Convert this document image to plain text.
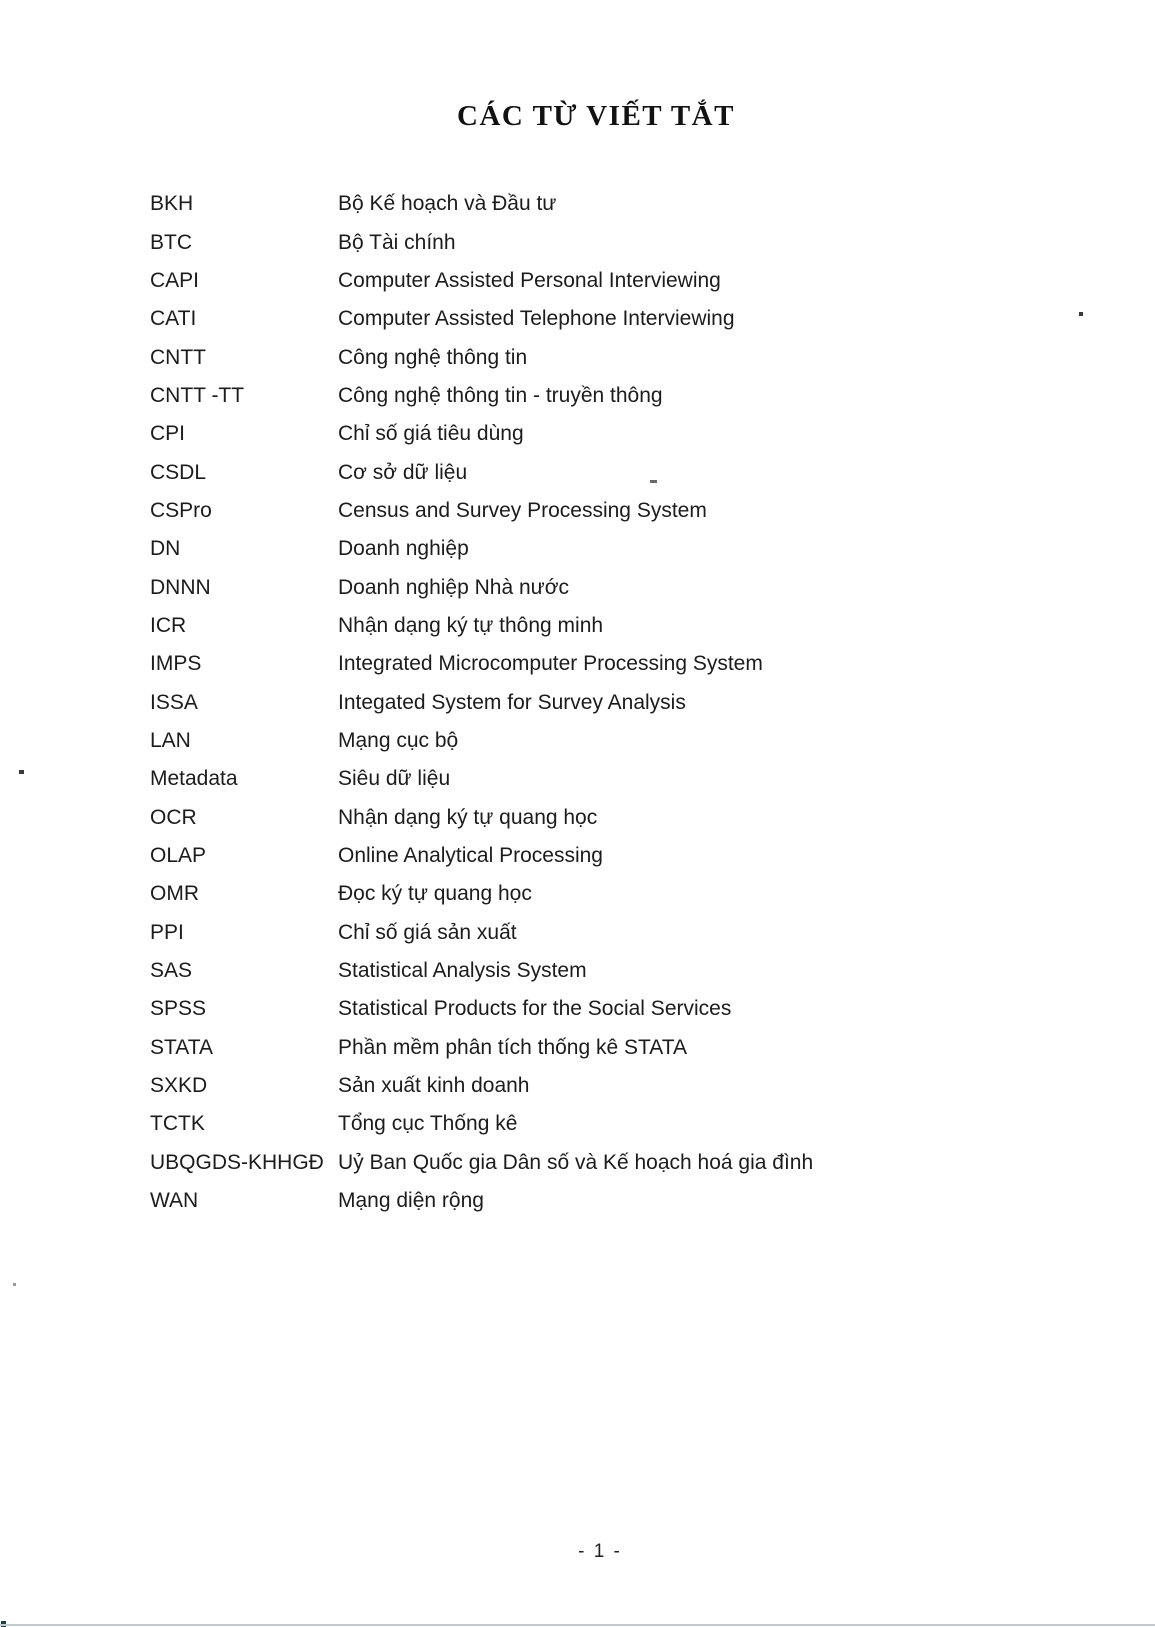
CÁC TỪ VIẾT TẮT
BKH	Bộ Kế hoạch và Đầu tư
BTC	Bộ Tài chính
CAPI	Computer Assisted Personal Interviewing
CATI	Computer Assisted Telephone Interviewing
CNTT	Công nghệ thông tin
CNTT -TT	Công nghệ thông tin - truyền thông
CPI	Chỉ số giá tiêu dùng
CSDL	Cơ sở dữ liệu
CSPro	Census and Survey Processing System
DN	Doanh nghiệp
DNNN	Doanh nghiệp Nhà nước
ICR	Nhận dạng ký tự thông minh
IMPS	Integrated Microcomputer Processing System
ISSA	Integated System for Survey Analysis
LAN	Mạng cục bộ
Metadata	Siêu dữ liệu
OCR	Nhận dạng ký tự quang học
OLAP	Online Analytical Processing
OMR	Đọc ký tự quang học
PPI	Chỉ số giá sản xuất
SAS	Statistical Analysis System
SPSS	Statistical Products for the Social Services
STATA	Phần mềm phân tích thống kê STATA
SXKD	Sản xuất kinh doanh
TCTK	Tổng cục Thống kê
UBQGDS-KHHGĐ Uỷ Ban Quốc gia Dân số và Kế hoạch hoá gia đình
WAN	Mạng diện rộng
- 1 -
